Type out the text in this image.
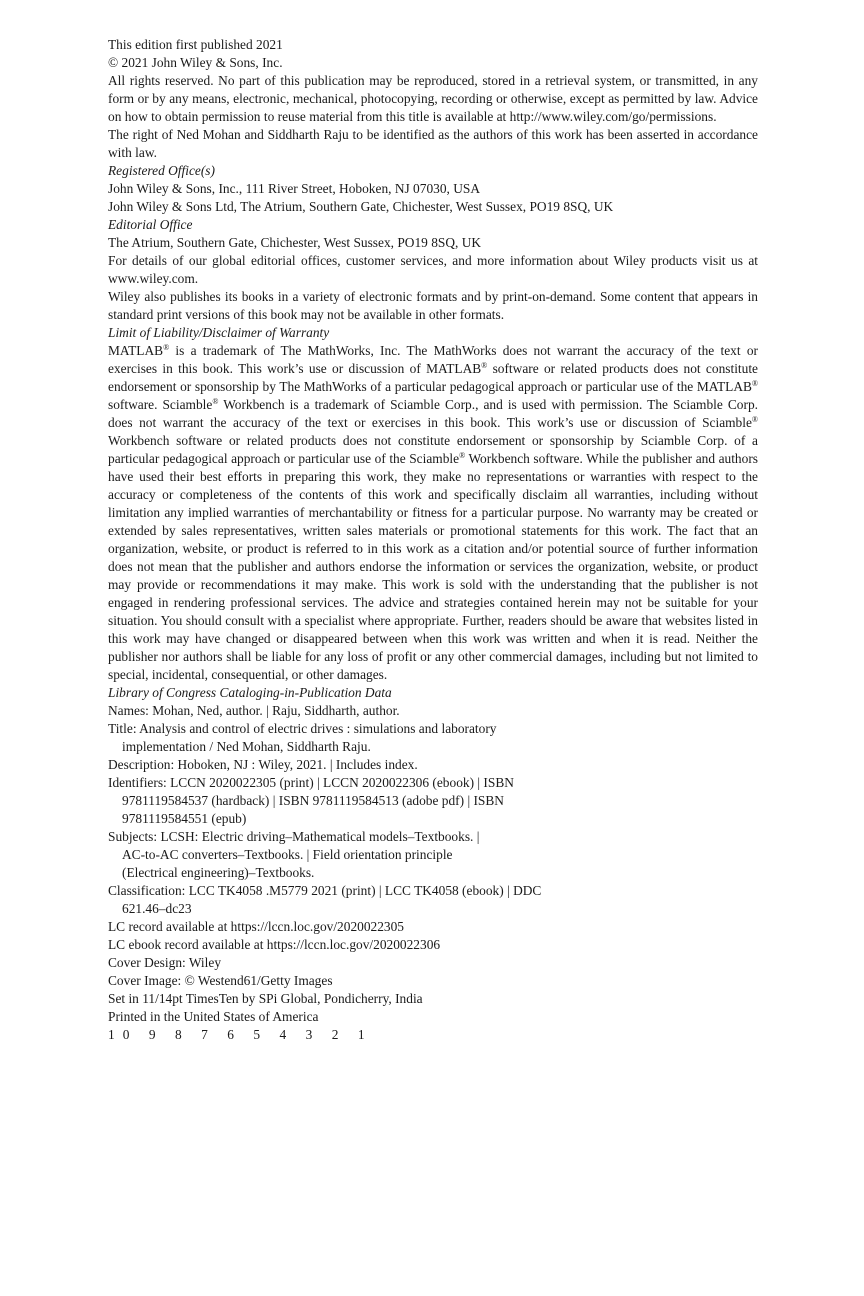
This edition first published 2021
© 2021 John Wiley & Sons, Inc.

All rights reserved. No part of this publication may be reproduced, stored in a retrieval system, or transmitted, in any form or by any means, electronic, mechanical, photocopying, recording or otherwise, except as permitted by law. Advice on how to obtain permission to reuse material from this title is available at http://www.wiley.com/go/permissions.

The right of Ned Mohan and Siddharth Raju to be identified as the authors of this work has been asserted in accordance with law.

Registered Office(s)
John Wiley & Sons, Inc., 111 River Street, Hoboken, NJ 07030, USA
John Wiley & Sons Ltd, The Atrium, Southern Gate, Chichester, West Sussex, PO19 8SQ, UK
Editorial Office
The Atrium, Southern Gate, Chichester, West Sussex, PO19 8SQ, UK

For details of our global editorial offices, customer services, and more information about Wiley products visit us at www.wiley.com.

Wiley also publishes its books in a variety of electronic formats and by print-on-demand. Some content that appears in standard print versions of this book may not be available in other formats.

Limit of Liability/Disclaimer of Warranty

MATLAB® is a trademark of The MathWorks, Inc. The MathWorks does not warrant the accuracy of the text or exercises in this book. This work’s use or discussion of MATLAB® software or related products does not constitute endorsement or sponsorship by The MathWorks of a particular pedagogical approach or particular use of the MATLAB® software. Sciamble® Workbench is a trademark of Sciamble Corp., and is used with permission. The Sciamble Corp. does not warrant the accuracy of the text or exercises in this book. This work’s use or discussion of Sciamble® Workbench software or related products does not constitute endorsement or sponsorship by Sciamble Corp. of a particular pedagogical approach or particular use of the Sciamble® Workbench software. While the publisher and authors have used their best efforts in preparing this work, they make no representations or warranties with respect to the accuracy or completeness of the contents of this work and specifically disclaim all warranties, including without limitation any implied warranties of merchantability or fitness for a particular purpose. No warranty may be created or extended by sales representatives, written sales materials or promotional statements for this work. The fact that an organization, website, or product is referred to in this work as a citation and/or potential source of further information does not mean that the publisher and authors endorse the information or services the organization, website, or product may provide or recommendations it may make. This work is sold with the understanding that the publisher is not engaged in rendering professional services. The advice and strategies contained herein may not be suitable for your situation. You should consult with a specialist where appropriate. Further, readers should be aware that websites listed in this work may have changed or disappeared between when this work was written and when it is read. Neither the publisher nor authors shall be liable for any loss of profit or any other commercial damages, including but not limited to special, incidental, consequential, or other damages.

Library of Congress Cataloging-in-Publication Data
Names: Mohan, Ned, author. | Raju, Siddharth, author.
Title: Analysis and control of electric drives : simulations and laboratory
implementation / Ned Mohan, Siddharth Raju.
Description: Hoboken, NJ : Wiley, 2021. | Includes index.
Identifiers: LCCN 2020022305 (print) | LCCN 2020022306 (ebook) | ISBN
9781119584537 (hardback) | ISBN 9781119584513 (adobe pdf) | ISBN
9781119584551 (epub)
Subjects: LCSH: Electric driving–Mathematical models–Textbooks. |
AC-to-AC converters–Textbooks. | Field orientation principle
(Electrical engineering)–Textbooks.
Classification: LCC TK4058 .M5779 2021 (print) | LCC TK4058 (ebook) | DDC
621.46–dc23
LC record available at https://lccn.loc.gov/2020022305
LC ebook record available at https://lccn.loc.gov/2020022306
Cover Design: Wiley
Cover Image: © Westend61/Getty Images

Set in 11/14pt TimesTen by SPi Global, Pondicherry, India

Printed in the United States of America

10 9 8 7 6 5 4 3 2 1
